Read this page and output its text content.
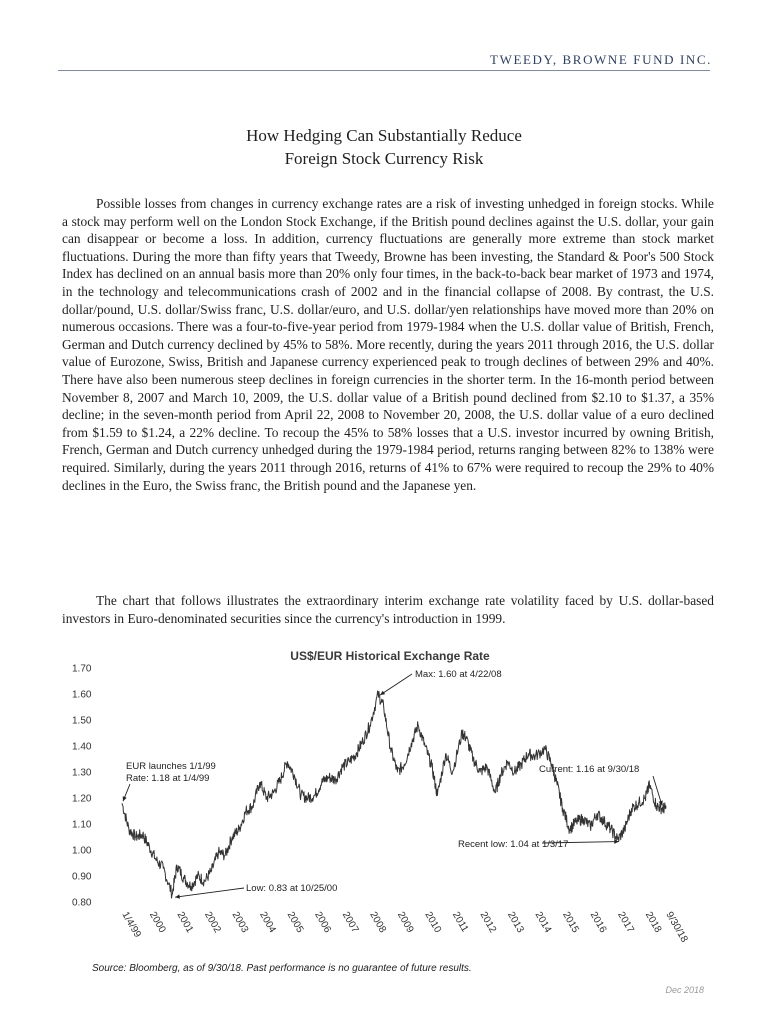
TWEEDY, BROWNE FUND INC.
How Hedging Can Substantially Reduce
Foreign Stock Currency Risk

Possible losses from changes in currency exchange rates are a risk of investing unhedged in foreign stocks. While a stock may perform well on the London Stock Exchange, if the British pound declines against the U.S. dollar, your gain can disappear or become a loss. In addition, currency fluctuations are generally more extreme than stock market fluctuations. During the more than fifty years that Tweedy, Browne has been investing, the Standard & Poor's 500 Stock Index has declined on an annual basis more than 20% only four times, in the back-to-back bear market of 1973 and 1974, in the technology and telecommunications crash of 2002 and in the financial collapse of 2008. By contrast, the U.S. dollar/pound, U.S. dollar/Swiss franc, U.S. dollar/euro, and U.S. dollar/yen relationships have moved more than 20% on numerous occasions. There was a four-to-five-year period from 1979-1984 when the U.S. dollar value of British, French, German and Dutch currency declined by 45% to 58%. More recently, during the years 2011 through 2016, the U.S. dollar value of Eurozone, Swiss, British and Japanese currency experienced peak to trough declines of between 29% and 40%. There have also been numerous steep declines in foreign currencies in the shorter term. In the 16-month period between November 8, 2007 and March 10, 2009, the U.S. dollar value of a British pound declined from $2.10 to $1.37, a 35% decline; in the seven-month period from April 22, 2008 to November 20, 2008, the U.S. dollar value of a euro declined from $1.59 to $1.24, a 22% decline. To recoup the 45% to 58% losses that a U.S. investor incurred by owning British, French, German and Dutch currency unhedged during the 1979-1984 period, returns ranging between 82% to 138% were required. Similarly, during the years 2011 through 2016, returns of 41% to 67% were required to recoup the 29% to 40% declines in the Euro, the Swiss franc, the British pound and the Japanese yen.

The chart that follows illustrates the extraordinary interim exchange rate volatility faced by U.S. dollar-based investors in Euro-denominated securities since the currency's introduction in 1999.

US$/EUR Historical Exchange Rate
1.70
1.60
1.50
1.40
1.30
1.20
1.10
1.00
0.90
0.80
1/4/99 2000 2001 2002 2003 2004 2005 2006 2007 2008 2009 2010 2011 2012 2013 2014 2015 2016 2017 2018 9/30/18
Max: 1.60 at 4/22/08
EUR launches 1/1/99
Rate: 1.18 at 1/4/99
Current: 1.16 at 9/30/18
Recent low: 1.04 at 1/3/17
Low: 0.83 at 10/25/00
Source: Bloomberg, as of 9/30/18. Past performance is no guarantee of future results.
Dec 2018
